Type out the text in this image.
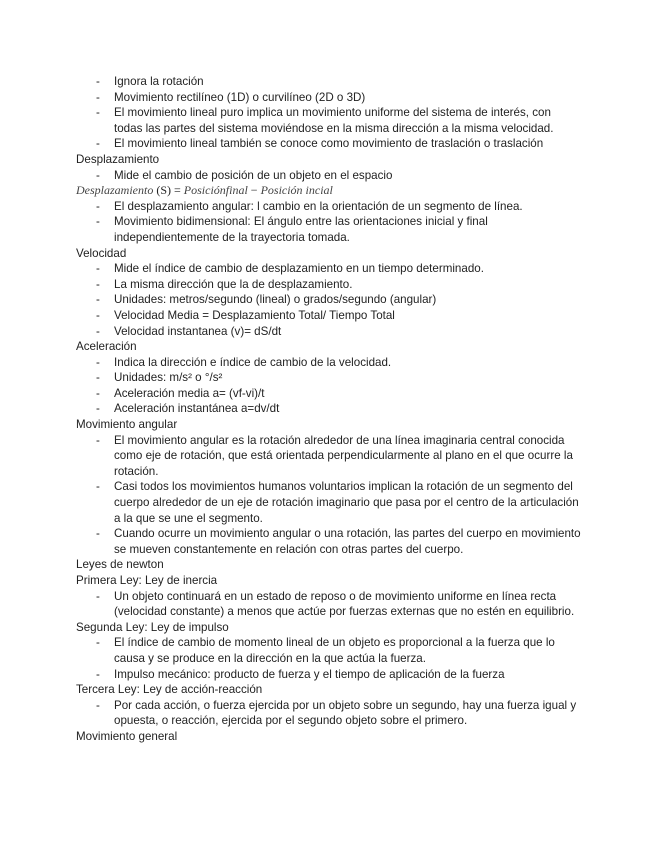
- Ignora la rotación
- Movimiento rectilíneo (1D) o curvilíneo (2D o 3D)
- El movimiento lineal puro implica un movimiento uniforme del sistema de interés, con todas las partes del sistema moviéndose en la misma dirección a la misma velocidad.
- El movimiento lineal también se conoce como movimiento de traslación o traslación

Desplazamiento

- Mide el cambio de posición de un objeto en el espacio

Desplazamiento (S) = Posiciónfinal − Posición incial

- El desplazamiento angular: l cambio en la orientación de un segmento de línea.
- Movimiento bidimensional: El ángulo entre las orientaciones inicial y final independientemente de la trayectoria tomada.

Velocidad

- Mide el índice de cambio de desplazamiento en un tiempo determinado.
- La misma dirección que la de desplazamiento.
- Unidades: metros/segundo (lineal) o grados/segundo (angular)
- Velocidad Media = Desplazamiento Total/ Tiempo Total
- Velocidad instantanea (v)= dS/dt

Aceleración

- Indica la dirección e índice de cambio de la velocidad.
- Unidades: m/s² o °/s²
- Aceleración media a= (vf-vi)/t
- Aceleración instantánea a=dv/dt

Movimiento angular

- El movimiento angular es la rotación alrededor de una línea imaginaria central conocida como eje de rotación, que está orientada perpendicularmente al plano en el que ocurre la rotación.
- Casi todos los movimientos humanos voluntarios implican la rotación de un segmento del cuerpo alrededor de un eje de rotación imaginario que pasa por el centro de la articulación a la que se une el segmento.
- Cuando ocurre un movimiento angular o una rotación, las partes del cuerpo en movimiento se mueven constantemente en relación con otras partes del cuerpo.

Leyes de newton

Primera Ley: Ley de inercia

- Un objeto continuará en un estado de reposo o de movimiento uniforme en línea recta (velocidad constante) a menos que actúe por fuerzas externas que no estén en equilibrio.

Segunda Ley: Ley de impulso

- El índice de cambio de momento lineal de un objeto es proporcional a la fuerza que lo causa y se produce en la dirección en la que actúa la fuerza.
- Impulso mecánico: producto de fuerza y el tiempo de aplicación de la fuerza

Tercera Ley: Ley de acción-reacción

- Por cada acción, o fuerza ejercida por un objeto sobre un segundo, hay una fuerza igual y opuesta, o reacción, ejercida por el segundo objeto sobre el primero.

Movimiento general
